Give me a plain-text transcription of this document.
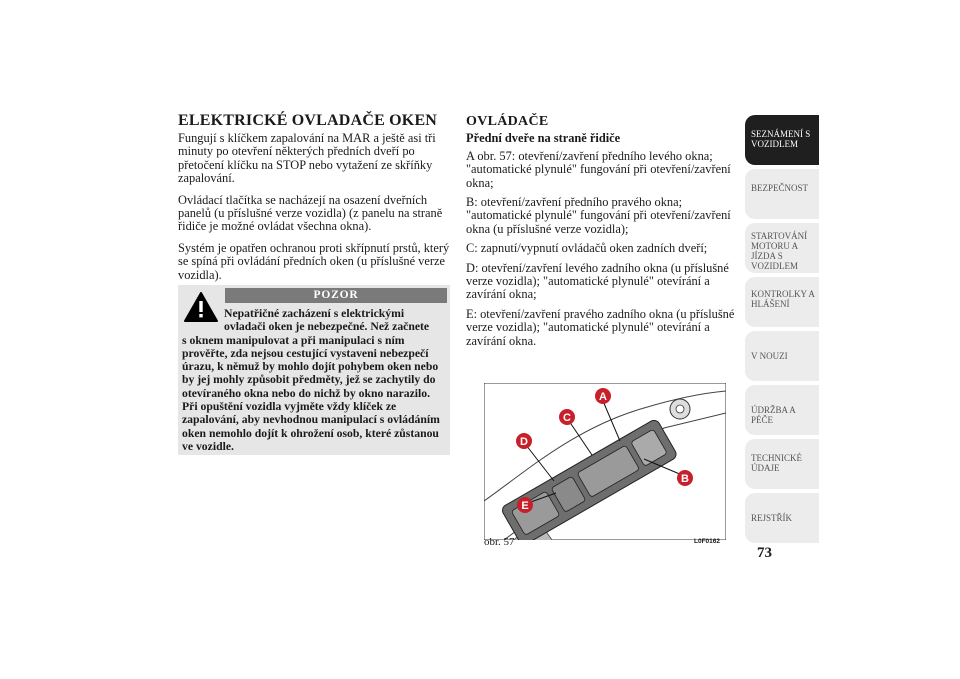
ELEKTRICKÉ OVLADAČE OKEN

Fungují s klíčkem zapalování na MAR a ještě asi tři minuty po otevření některých předních dveří po přetočení klíčku na STOP nebo vytažení ze skříňky zapalování.

Ovládací tlačítka se nacházejí na osazení dveřních panelů (u příslušné verze vozidla) (z panelu na straně řidiče je možné ovládat všechna okna).

Systém je opatřen ochranou proti skřípnutí prstů, který se spíná při ovládání předních oken (u příslušné verze vozidla).

POZOR
Nepatřičné zacházení s elektrickými ovladači oken je nebezpečné. Než začnete
s oknem manipulovat a při manipulaci s ním prověřte, zda nejsou cestující vystaveni nebezpečí úrazu, k němuž by mohlo dojít pohybem oken nebo by jej mohly způsobit předměty, jež se zachytily do otevíraného okna nebo do nichž by okno narazilo. Při opuštění vozidla vyjměte vždy klíček ze zapalování, aby nevhodnou manipulací s ovládáním oken nemohlo dojít k ohrožení osob, které zůstanou ve vozidle.
OVLÁDAČE
Přední dveře na straně řidiče

A obr. 57: otevření/zavření předního levého okna; "automatické plynulé" fungování při otevření/zavření okna;

B: otevření/zavření předního pravého okna; "automatické plynulé" fungování při otevření/zavření okna (u příslušné verze vozidla);

C: zapnutí/vypnutí ovládačů oken zadních dveří;

D: otevření/zavření levého zadního okna (u příslušné verze vozidla); "automatické plynulé" otevírání a zavírání okna;

E: otevření/zavření pravého zadního okna (u příslušné verze vozidla); "automatické plynulé" otevírání a zavírání okna.

A
B
C
D
E
obr. 57	L0F0162
SEZNÁMENÍ S VOZIDLEM
BEZPEČNOST
STARTOVÁNÍ MOTORU A JÍZDA S VOZIDLEM
KONTROLKY A HLÁŠENÍ
V NOUZI
ÚDRŽBA A PÉČE
TECHNICKÉ ÚDAJE
REJSTŘÍK
73
